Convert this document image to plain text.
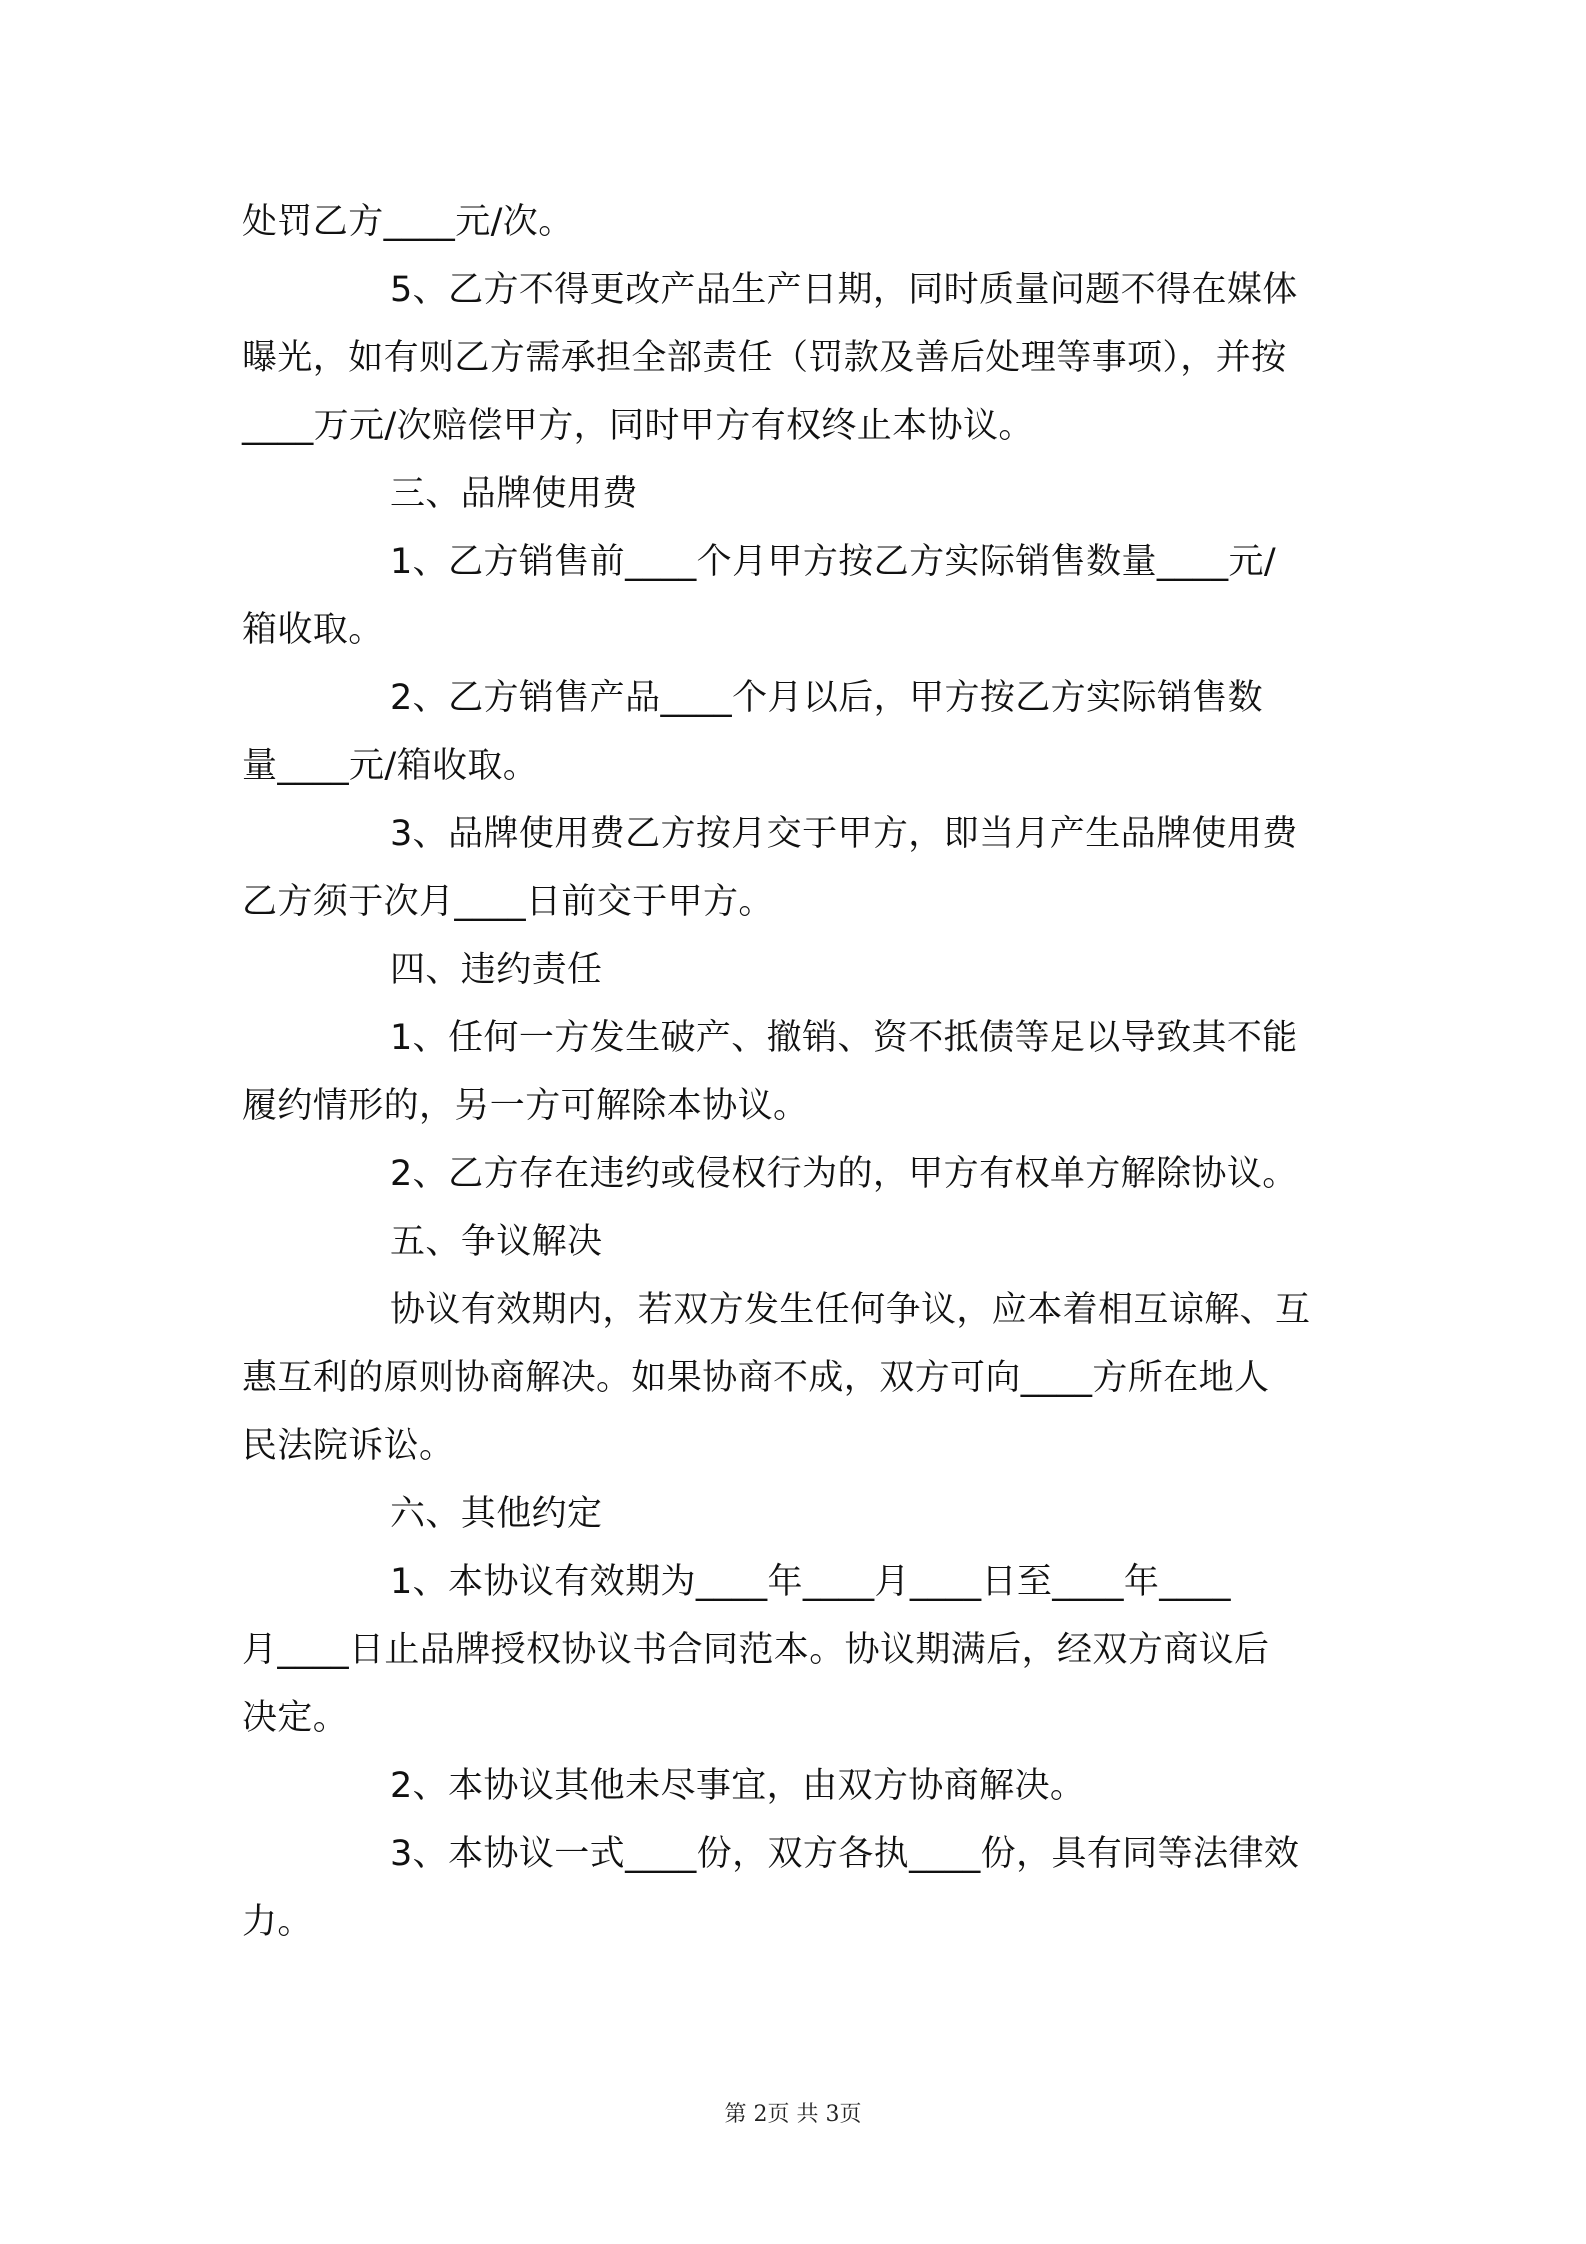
处罚乙方____元/次。
5、乙方不得更改产品生产日期，同时质量问题不得在媒体
曝光，如有则乙方需承担全部责任（罚款及善后处理等事项），并按
____万元/次赔偿甲方，同时甲方有权终止本协议。
三、品牌使用费
1、乙方销售前____个月甲方按乙方实际销售数量____元/
箱收取。
2、乙方销售产品____个月以后，甲方按乙方实际销售数
量____元/箱收取。
3、品牌使用费乙方按月交于甲方，即当月产生品牌使用费
乙方须于次月____日前交于甲方。
四、违约责任
1、任何一方发生破产、撤销、资不抵债等足以导致其不能
履约情形的，另一方可解除本协议。
2、乙方存在违约或侵权行为的，甲方有权单方解除协议。
五、争议解决
协议有效期内，若双方发生任何争议，应本着相互谅解、互
惠互利的原则协商解决。如果协商不成，双方可向____方所在地人
民法院诉讼。
六、其他约定
1、本协议有效期为____年____月____日至____年____
月____日止品牌授权协议书合同范本。协议期满后，经双方商议后
决定。
2、本协议其他未尽事宜，由双方协商解决。
3、本协议一式____份，双方各执____份，具有同等法律效
力。
第 2页 共 3页
